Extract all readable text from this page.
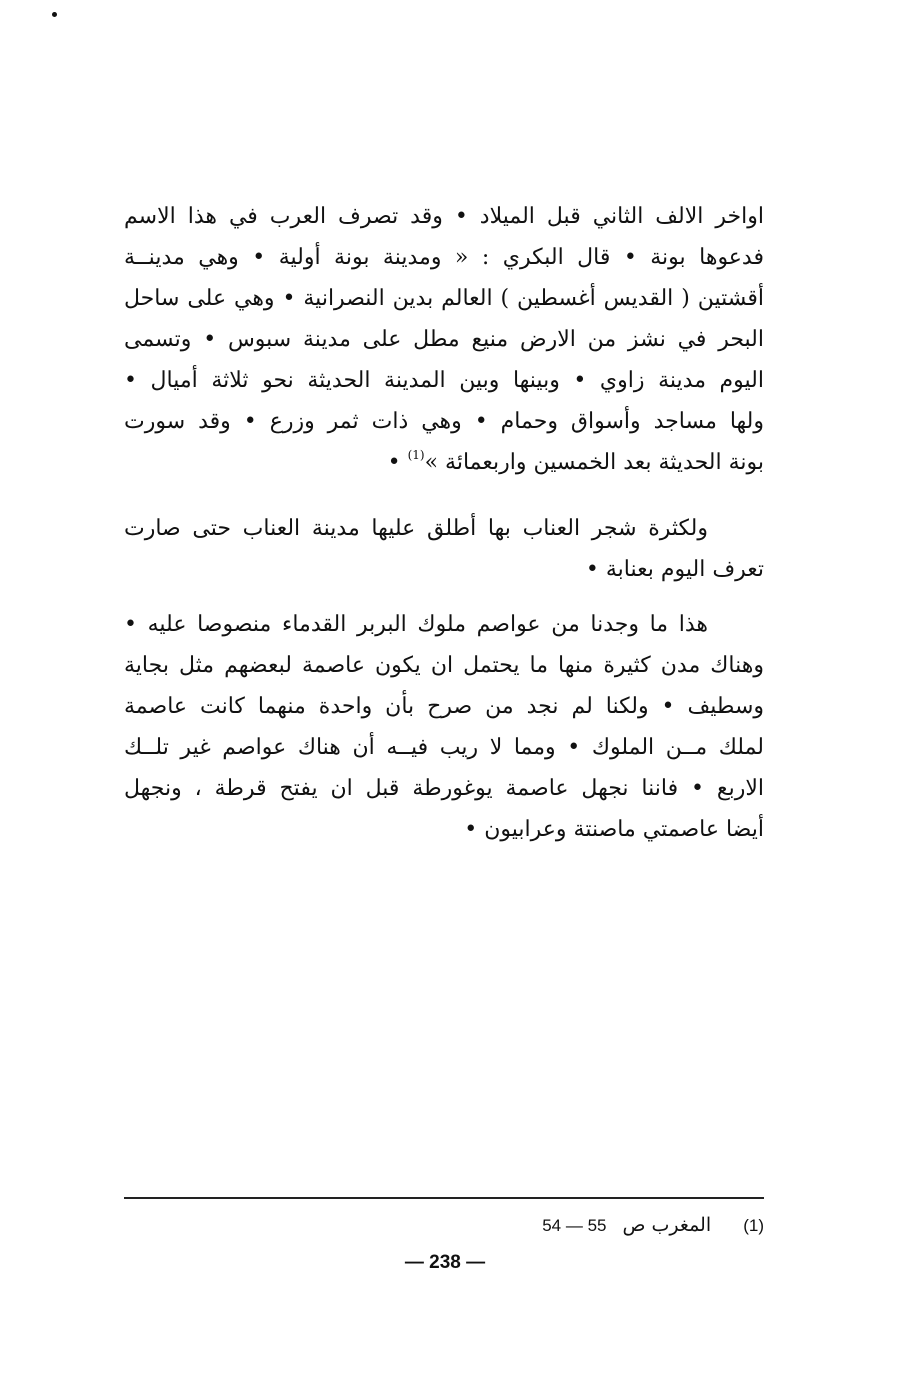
اواخر الالف الثاني قبل الميلاد • وقد تصرف العرب في هذا الاسم
فدعوها بونة • قال البكري : « ومدينة بونة أولية • وهي مدينــة
أقشتين ( القديس أغسطين ) العالم بدين النصرانية • وهي على ساحل
البحر في نشز من الارض منيع مطل على مدينة سبوس • وتسمى
اليوم مدينة زاوي • وبينها وبين المدينة الحديثة نحو ثلاثة أميال •
ولها مساجد وأسواق وحمام • وهي ذات ثمر وزرع • وقد سورت
بونة الحديثة بعد الخمسين واربعمائة »$^{(1)}$ •
ولكثرة شجر العناب بها أطلق عليها مدينة العناب حتى صارت
تعرف اليوم بعنابة •
هذا ما وجدنا من عواصم ملوك البربر القدماء منصوصا عليه •
وهناك مدن كثيرة منها ما يحتمل ان يكون عاصمة لبعضهم مثل بجاية
وسطيف • ولكنا لم نجد من صرح بأن واحدة منهما كانت عاصمة
لملك مــن الملوك • ومما لا ريب فيــه أن هناك عواصم غير تلــك
الاربع • فاننا نجهل عاصمة يوغورطة قبل ان يفتح قرطة ، ونجهل
أيضا عاصمتي ماصنتة وعرابيون •
(1) المغرب ص 54 — 55
— 238 —
